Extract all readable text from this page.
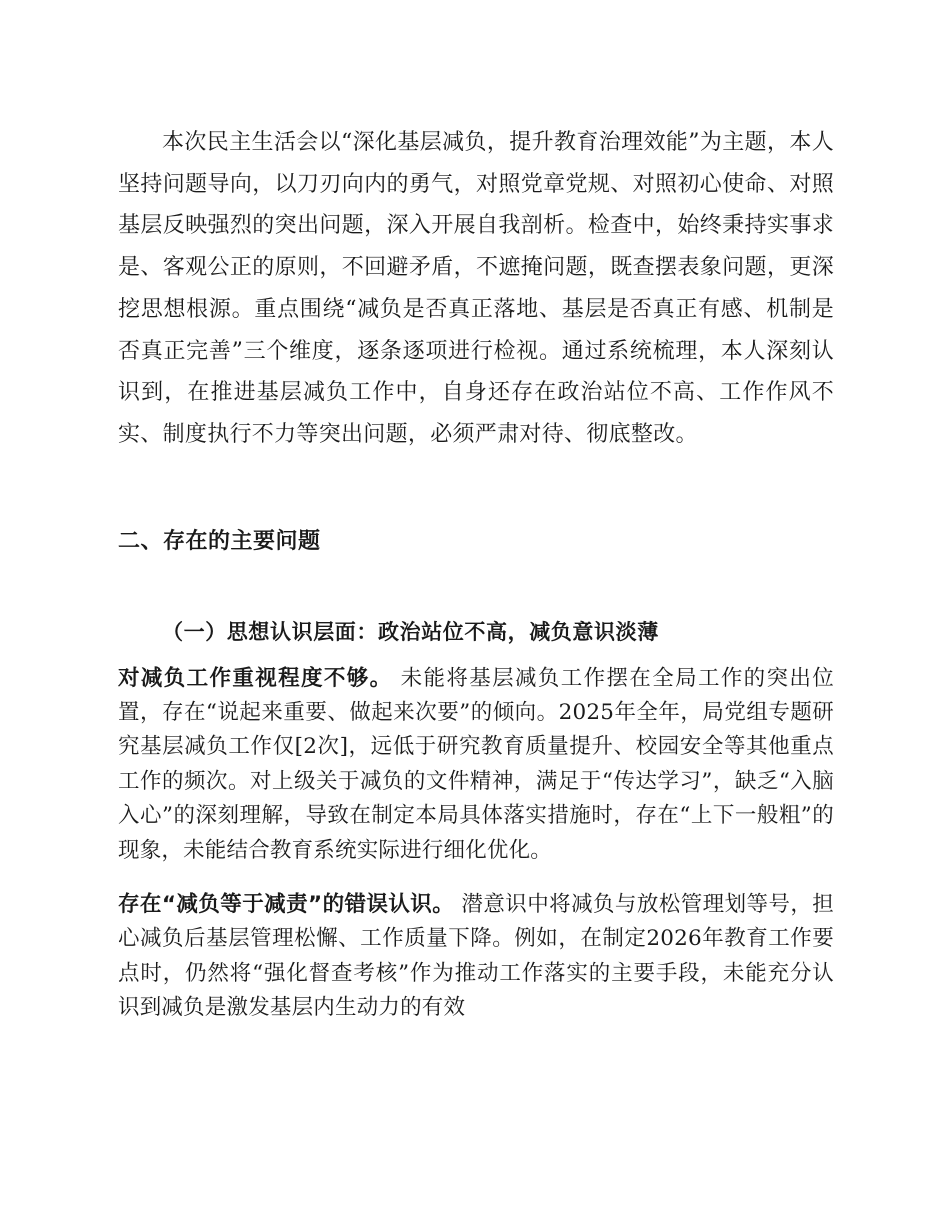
本次民主生活会以“深化基层减负，提升教育治理效能”为主题，本人坚持问题导向，以刀刃向内的勇气，对照党章党规、对照初心使命、对照基层反映强烈的突出问题，深入开展自我剖析。检查中，始终秉持实事求是、客观公正的原则，不回避矛盾，不遮掩问题，既查摆表象问题，更深挖思想根源。重点围绕“减负是否真正落地、基层是否真正有感、机制是否真正完善”三个维度，逐条逐项进行检视。通过系统梳理，本人深刻认识到，在推进基层减负工作中，自身还存在政治站位不高、工作作风不实、制度执行不力等突出问题，必须严肃对待、彻底整改。

二、存在的主要问题
（一）思想认识层面：政治站位不高，减负意识淡薄

对减负工作重视程度不够。 未能将基层减负工作摆在全局工作的突出位置，存在“说起来重要、做起来次要”的倾向。2025年全年，局党组专题研究基层减负工作仅[2次]，远低于研究教育质量提升、校园安全等其他重点工作的频次。对上级关于减负的文件精神，满足于“传达学习”，缺乏“入脑入心”的深刻理解，导致在制定本局具体落实措施时，存在“上下一般粗”的现象，未能结合教育系统实际进行细化优化。

存在“减负等于减责”的错误认识。 潜意识中将减负与放松管理划等号，担心减负后基层管理松懈、工作质量下降。例如，在制定2026年教育工作要点时，仍然将“强化督查考核”作为推动工作落实的主要手段，未能充分认识到减负是激发基层内生动力的有效
